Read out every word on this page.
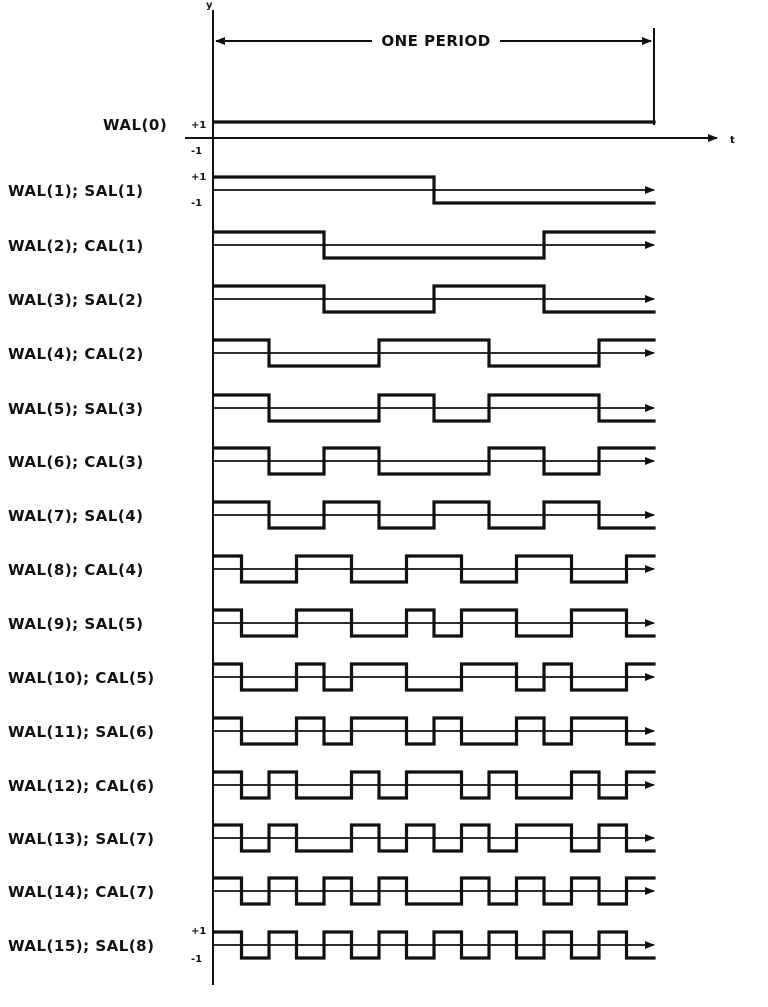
y
ONE PERIOD
t
+1
-1
+1
-1
+1
-1
WAL(0)
WAL(1); SAL(1)
WAL(2); CAL(1)
WAL(3); SAL(2)
WAL(4); CAL(2)
WAL(5); SAL(3)
WAL(6); CAL(3)
WAL(7); SAL(4)
WAL(8); CAL(4)
WAL(9); SAL(5)
WAL(10); CAL(5)
WAL(11); SAL(6)
WAL(12); CAL(6)
WAL(13); SAL(7)
WAL(14); CAL(7)
WAL(15); SAL(8)
